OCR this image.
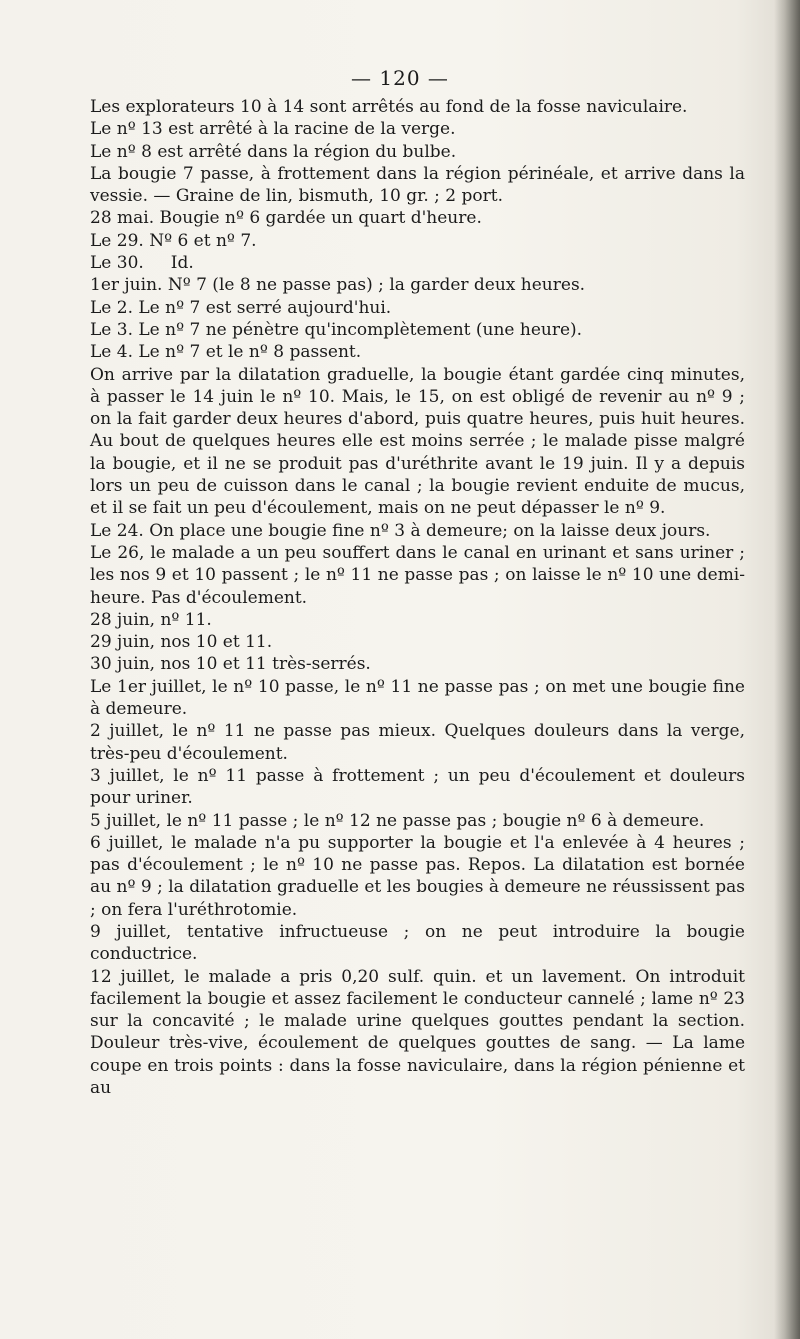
— 120 —

Les explorateurs 10 à 14 sont arrêtés au fond de la fosse naviculaire.

Le nº 13 est arrêté à la racine de la verge.

Le nº 8 est arrêté dans la région du bulbe.

La bougie 7 passe, à frottement dans la région périnéale, et arrive dans la vessie. — Graine de lin, bismuth, 10 gr. ; 2 port.

28 mai. Bougie nº 6 gardée un quart d'heure.

Le 29. Nº 6 et nº 7.

Le 30.     Id.

1er juin. Nº 7 (le 8 ne passe pas) ; la garder deux heures.

Le 2. Le nº 7 est serré aujourd'hui.

Le 3. Le nº 7 ne pénètre qu'incomplètement (une heure).

Le 4. Le nº 7 et le nº 8 passent.

On arrive par la dilatation graduelle, la bougie étant gardée cinq minutes, à passer le 14 juin le nº 10. Mais, le 15, on est obligé de revenir au nº 9 ; on la fait garder deux heures d'abord, puis quatre heures, puis huit heures. Au bout de quelques heures elle est moins serrée ; le malade pisse malgré la bougie, et il ne se produit pas d'uréthrite avant le 19 juin. Il y a depuis lors un peu de cuisson dans le canal ; la bougie revient enduite de mucus, et il se fait un peu d'écoulement, mais on ne peut dépasser le nº 9.

Le 24. On place une bougie fine nº 3 à demeure; on la laisse deux jours.

Le 26, le malade a un peu souffert dans le canal en urinant et sans uriner ; les nos 9 et 10 passent ; le nº 11 ne passe pas ; on laisse le nº 10 une demi-heure. Pas d'écoulement.

28 juin, nº 11.

29 juin, nos 10 et 11.

30 juin, nos 10 et 11 très-serrés.

Le 1er juillet, le nº 10 passe, le nº 11 ne passe pas ; on met une bougie fine à demeure.

2 juillet, le nº 11 ne passe pas mieux. Quelques douleurs dans la verge, très-peu d'écoulement.

3 juillet, le nº 11 passe à frottement ; un peu d'écoulement et douleurs pour uriner.

5 juillet, le nº 11 passe ; le nº 12 ne passe pas ; bougie nº 6 à demeure.

6 juillet, le malade n'a pu supporter la bougie et l'a enlevée à 4 heures ; pas d'écoulement ; le nº 10 ne passe pas. Repos. La dilatation est bornée au nº 9 ; la dilatation graduelle et les bougies à demeure ne réussissent pas ; on fera l'uréthrotomie.

9 juillet, tentative infructueuse ; on ne peut introduire la bougie conductrice.

12 juillet, le malade a pris 0,20 sulf. quin. et un lavement. On introduit facilement la bougie et assez facilement le conducteur cannelé ; lame nº 23 sur la concavité ; le malade urine quelques gouttes pendant la section. Douleur très-vive, écoulement de quelques gouttes de sang. — La lame coupe en trois points : dans la fosse naviculaire, dans la région pénienne et au
